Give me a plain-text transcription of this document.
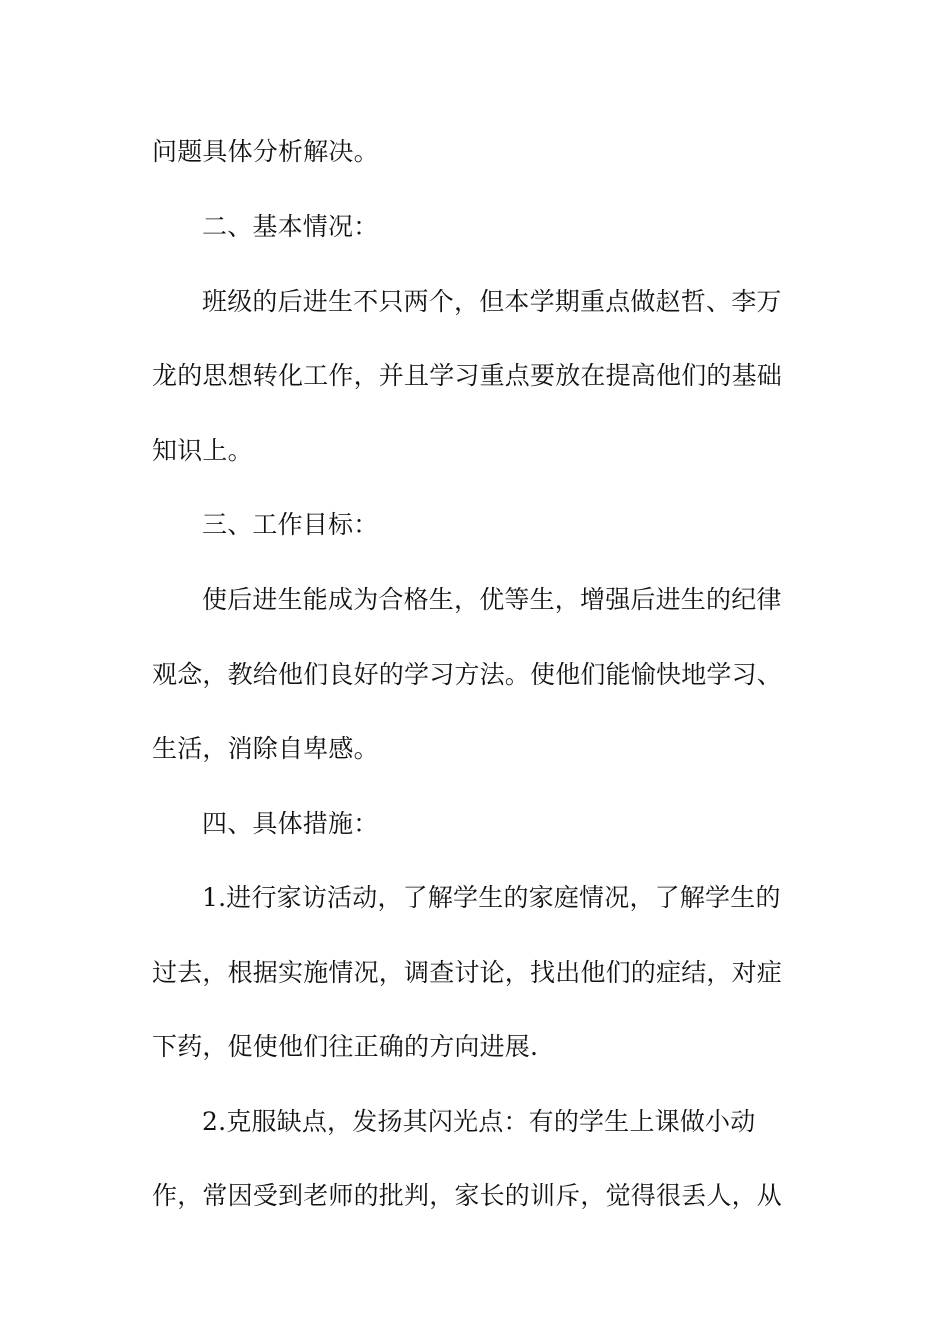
问题具体分析解决。
二、基本情况：
班级的后进生不只两个，但本学期重点做赵哲、李万
龙的思想转化工作，并且学习重点要放在提高他们的基础
知识上。
三、工作目标：
使后进生能成为合格生，优等生，增强后进生的纪律
观念，教给他们良好的学习方法。使他们能愉快地学习、
生活，消除自卑感。
四、具体措施：
1.进行家访活动，了解学生的家庭情况，了解学生的
过去，根据实施情况，调查讨论，找出他们的症结，对症
下药，促使他们往正确的方向进展.
2.克服缺点，发扬其闪光点：有的学生上课做小动
作，常因受到老师的批判，家长的训斥，觉得很丢人，从
